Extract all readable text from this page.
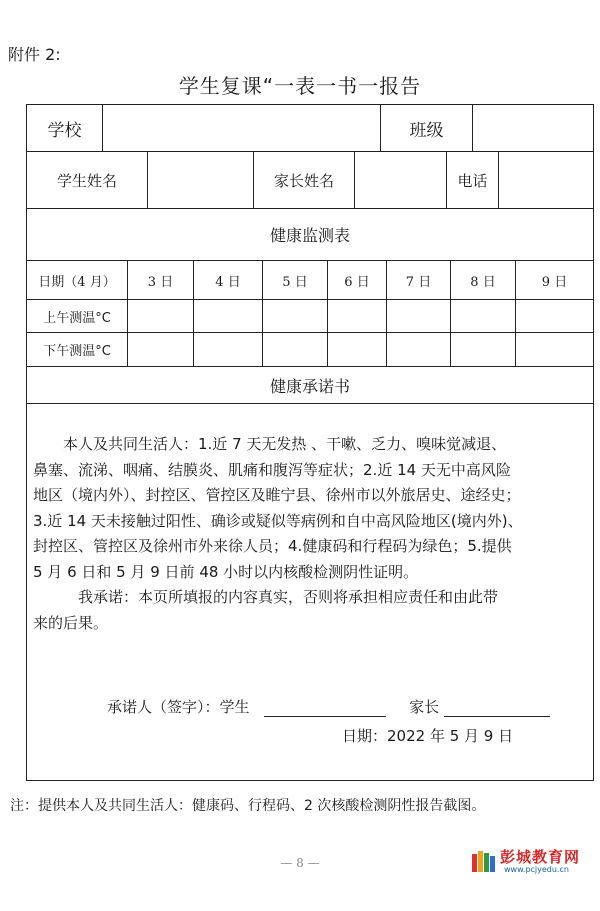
附件 2:
学生复课“一表一书一报告
学校	班级
学生姓名	家长姓名	电话
健康监测表
日期（4 月）	3 日	4 日	5 日	6 日	7 日	8 日	9 日
上午测温°C
下午测温°C
健康承诺书
本人及共同生活人：1.近 7 天无发热 、干嗽、乏力、嗅味觉减退、
鼻塞、流涕、咽痛、结膜炎、肌痛和腹泻等症状；2.近 14 天无中高风险
地区（境内外）、封控区、管控区及睢宁县、徐州市以外旅居史、途经史；
3.近 14 天未接触过阳性、确诊或疑似等病例和自中高风险地区(境内外)、
封控区、管控区及徐州市外来徐人员；4.健康码和行程码为绿色；5.提供
5 月 6 日和 5 月 9 日前 48 小时以内核酸检测阴性证明。
我承诺：本页所填报的内容真实，否则将承担相应责任和由此带
来的后果。
承诺人（签字）：学生	家长
日期：2022 年 5 月 9 日
注：提供本人及共同生活人：健康码、行程码、2 次核酸检测阴性报告截图。
— 8 —	彭城教育网
www.pcjyedu.cn
